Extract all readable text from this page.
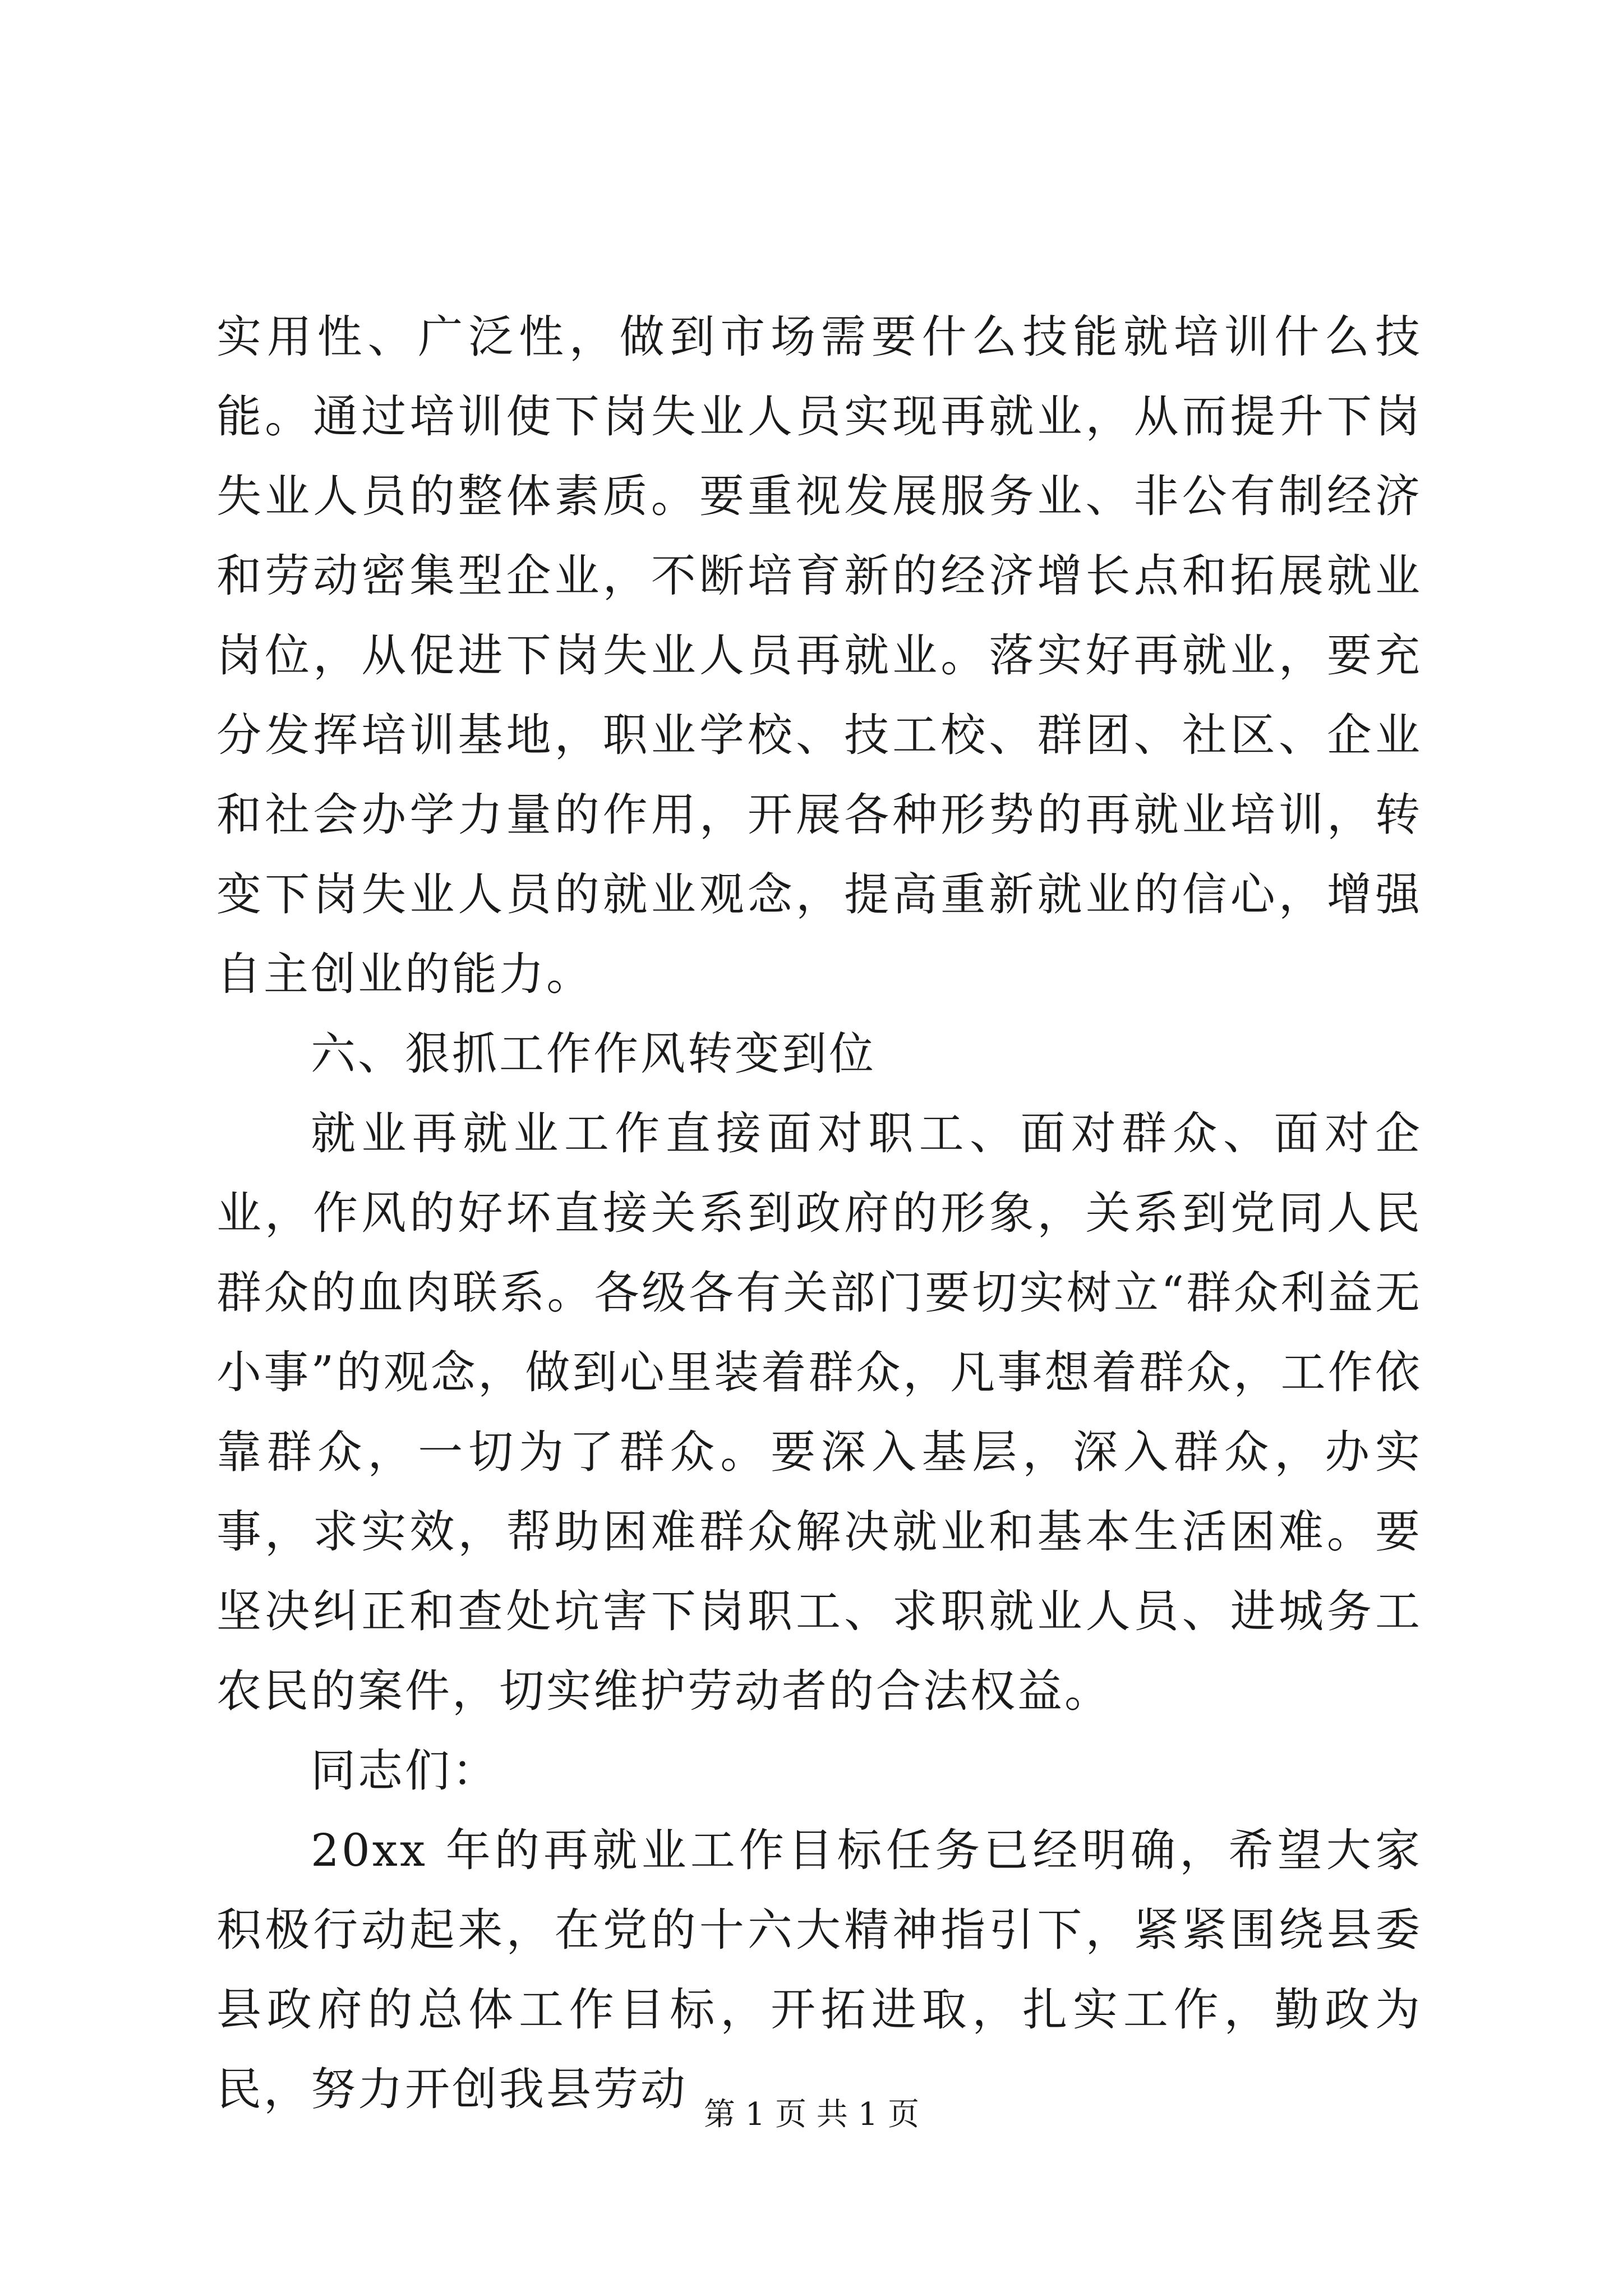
实用性、广泛性，做到市场需要什么技能就培训什么技能。通过培训使下岗失业人员实现再就业，从而提升下岗失业人员的整体素质。要重视发展服务业、非公有制经济和劳动密集型企业，不断培育新的经济增长点和拓展就业岗位，从促进下岗失业人员再就业。落实好再就业，要充分发挥培训基地，职业学校、技工校、群团、社区、企业和社会办学力量的作用，开展各种形势的再就业培训，转变下岗失业人员的就业观念，提高重新就业的信心，增强自主创业的能力。

六、狠抓工作作风转变到位

就业再就业工作直接面对职工、面对群众、面对企业，作风的好坏直接关系到政府的形象，关系到党同人民群众的血肉联系。各级各有关部门要切实树立“群众利益无小事”的观念，做到心里装着群众，凡事想着群众，工作依靠群众，一切为了群众。要深入基层，深入群众，办实事，求实效，帮助困难群众解决就业和基本生活困难。要坚决纠正和查处坑害下岗职工、求职就业人员、进城务工农民的案件，切实维护劳动者的合法权益。

同志们：

20xx 年的再就业工作目标任务已经明确，希望大家积极行动起来，在党的十六大精神指引下，紧紧围绕县委县政府的总体工作目标，开拓进取，扎实工作，勤政为民，努力开创我县劳动 第 1 页 共 1 页
